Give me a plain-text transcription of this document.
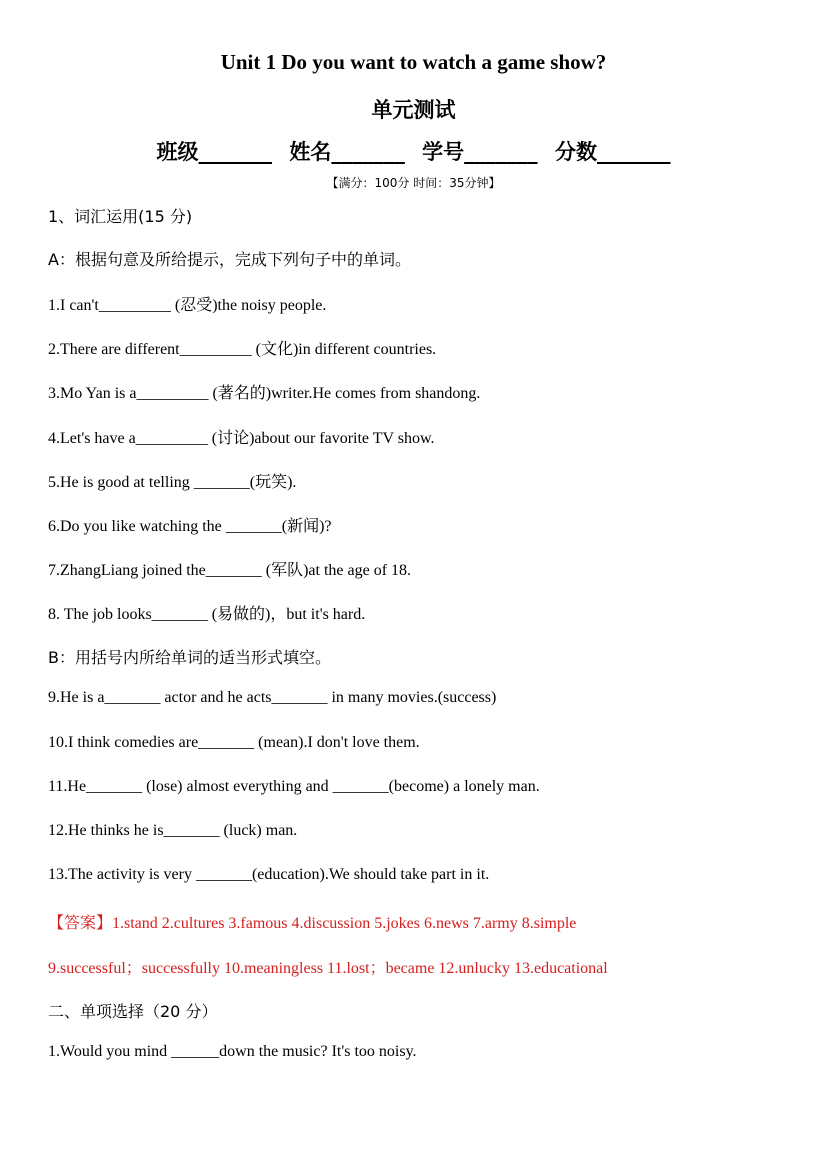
Unit 1 Do you want to watch a game show?
单元测试
班级_______ 姓名_______ 学号_______ 分数_______
【满分：100分 时间：35分钟】
1、词汇运用(15 分)
A：根据句意及所给提示，完成下列句子中的单词。
1.I can't_________ (忍受)the noisy people.
2.There are different_________ (文化)in different countries.
3.Mo Yan is a_________ (著名的)writer.He comes from shandong.
4.Let's have a_________ (讨论)about our favorite TV show.
5.He is good at telling _______(玩笑).
6.Do you like watching the _______(新闻)?
7.ZhangLiang joined the_______ (军队)at the age of 18.
8. The job looks_______ (易做的)，but it's hard.
B：用括号内所给单词的适当形式填空。
9.He is a_______ actor and he acts_______ in many movies.(success)
10.I think comedies are_______ (mean).I don't love them.
11.He_______ (lose) almost everything and _______(become) a lonely man.
12.He thinks he is_______ (luck) man.
13.The activity is very _______(education).We should take part in it.
【答案】1.stand 2.cultures 3.famous 4.discussion 5.jokes 6.news 7.army 8.simple
9.successful；successfully 10.meaningless 11.lost；became 12.unlucky 13.educational
二、单项选择（20 分）
1.Would you mind ______down the music? It's too noisy.
